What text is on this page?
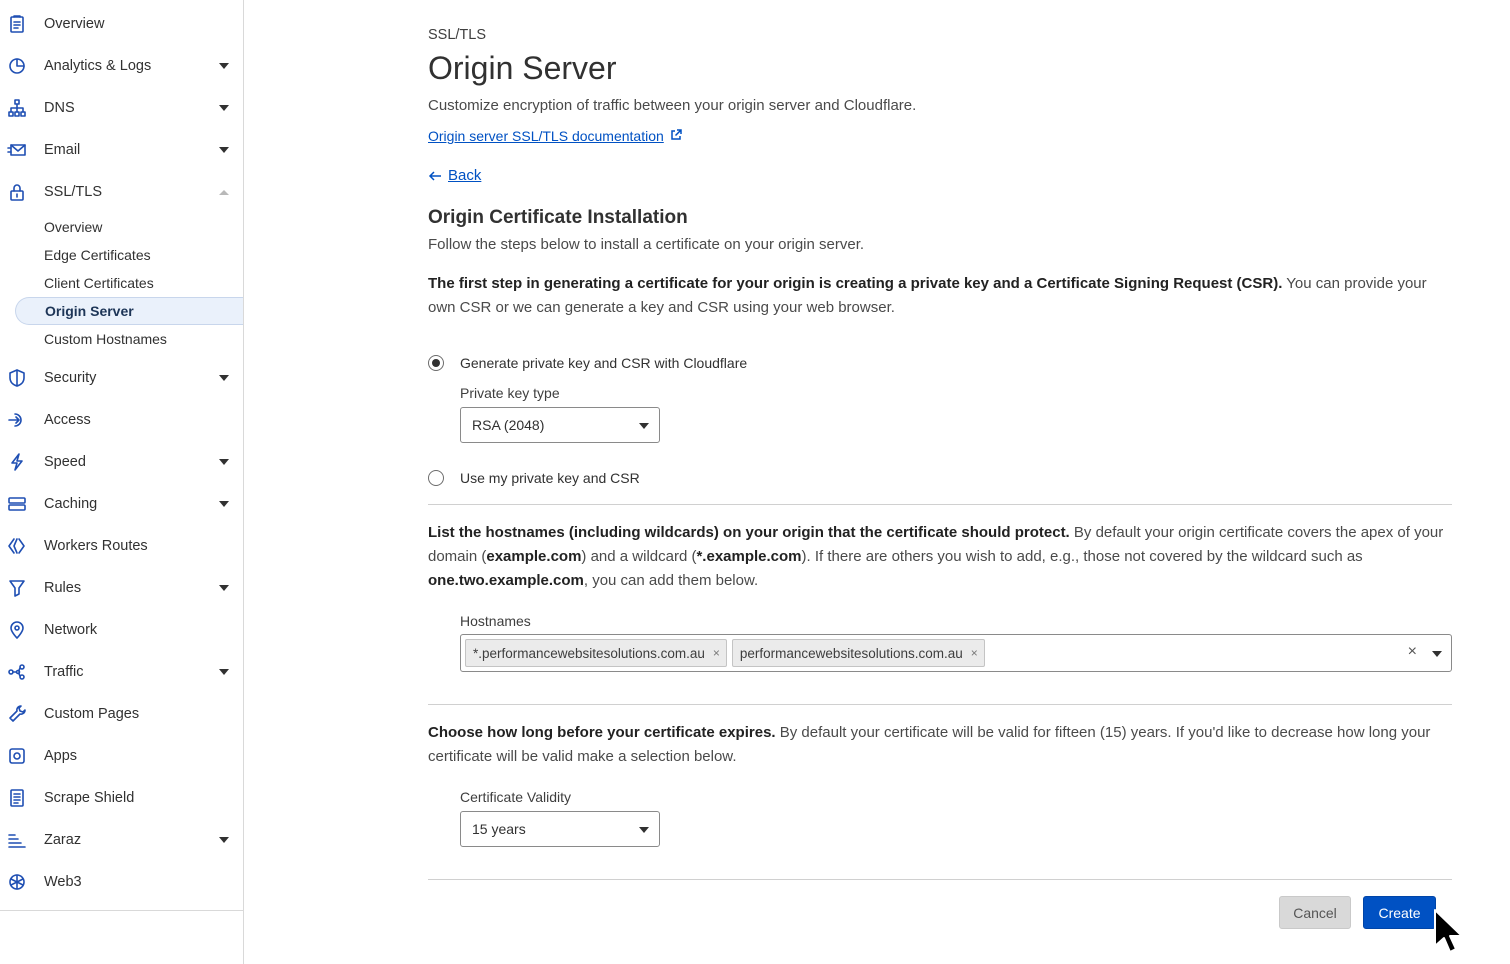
Overview
Analytics & Logs
DNS
Email
SSL/TLS
Overview
Edge Certificates
Client Certificates
Origin Server
Custom Hostnames
Security
Access
Speed
Caching
Workers Routes
Rules
Network
Traffic
Custom Pages
Apps
Scrape Shield
Zaraz
Web3
SSL/TLS
Origin Server

Customize encryption of traffic between your origin server and Cloudflare.

Origin server SSL/TLS documentation
Back
Origin Certificate Installation

Follow the steps below to install a certificate on your origin server.

The first step in generating a certificate for your origin is creating a private key and a Certificate Signing Request (CSR). You can provide your own CSR or we can generate a key and CSR using your web browser.

Generate private key and CSR with Cloudflare
Private key type
RSA (2048)
Use my private key and CSR

List the hostnames (including wildcards) on your origin that the certificate should protect. By default your origin certificate covers the apex of your domain (example.com) and a wildcard (*.example.com). If there are others you wish to add, e.g., those not covered by the wildcard such as one.two.example.com, you can add them below.

Hostnames
*.performancewebsitesolutions.com.au × performancewebsitesolutions.com.au ×	×

Choose how long before your certificate expires. By default your certificate will be valid for fifteen (15) years. If you'd like to decrease how long your certificate will be valid make a selection below.

Certificate Validity
15 years
Cancel	Create
